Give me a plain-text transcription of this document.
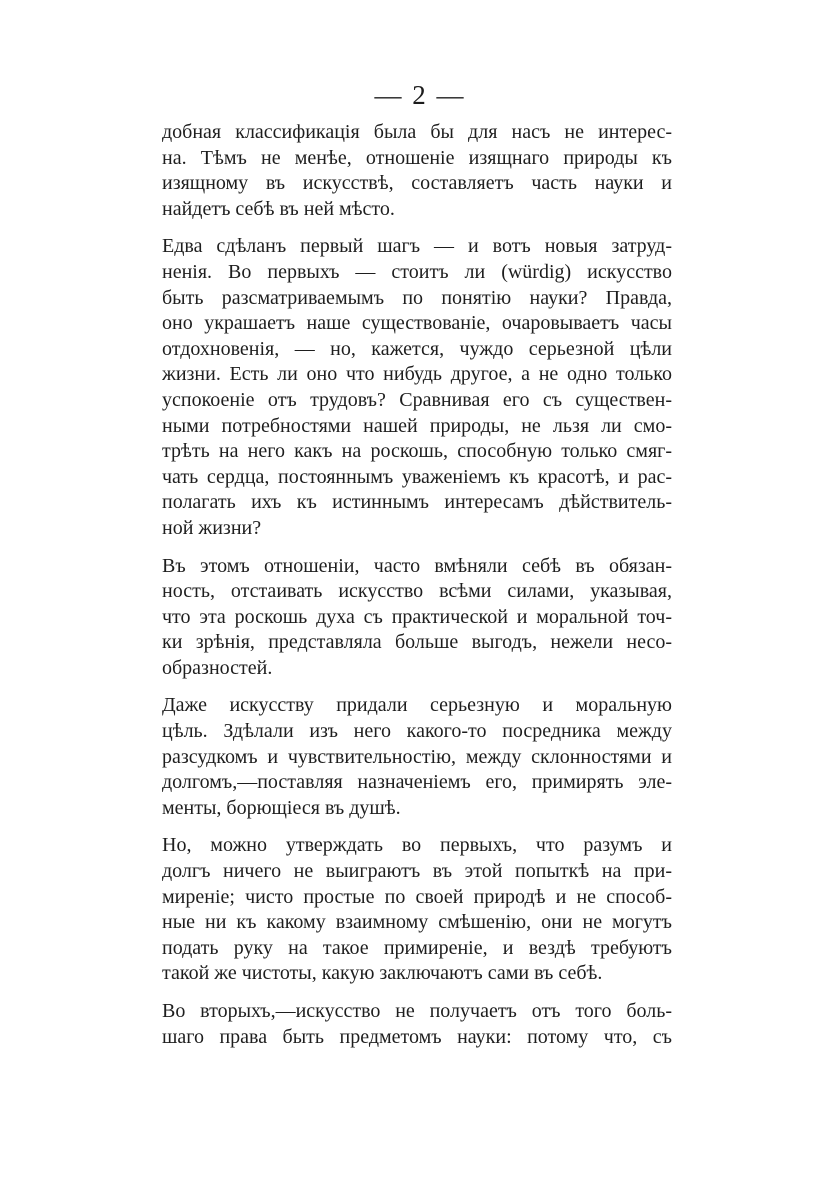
— 2 —
добная классификація была бы для насъ не интерес-
на. Тѣмъ не менѣе, отношеніе изящнаго природы къ
изящному въ искусствѣ, составляетъ часть науки и
найдетъ себѣ въ ней мѣсто.
Едва сдѣланъ первый шагъ — и вотъ новыя затруд-
ненія. Во первыхъ — стоитъ ли (würdig) искусство
быть разсматриваемымъ по понятію науки? Правда,
оно украшаетъ наше существованіе, очаровываетъ часы
отдохновенія, — но, кажется, чуждо серьезной цѣли
жизни. Есть ли оно что нибудь другое, а не одно только
успокоеніе отъ трудовъ? Сравнивая его съ существен-
ными потребностями нашей природы, не льзя ли смо-
трѣть на него какъ на роскошь, способную только смяг-
чать сердца, постояннымъ уваженіемъ къ красотѣ, и рас-
полагать ихъ къ истиннымъ интересамъ дѣйствитель-
ной жизни?
Въ этомъ отношеніи, часто вмѣняли себѣ въ обязан-
ность, отстаивать искусство всѣми силами, указывая,
что эта роскошь духа съ практической и моральной точ-
ки зрѣнія, представляла больше выгодъ, нежели несо-
образностей.
Даже искусству придали серьезную и моральную
цѣль. Здѣлали изъ него какого-то посредника между
разсудкомъ и чувствительностію, между склонностями и
долгомъ,—поставляя назначеніемъ его, примирять эле-
менты, борющіеся въ душѣ.
Но, можно утверждать во первыхъ, что разумъ и
долгъ ничего не выиграютъ въ этой попыткѣ на при-
миреніе; чисто простые по своей природѣ и не способ-
ные ни къ какому взаимному смѣшенію, они не могутъ
подать руку на такое примиреніе, и вездѣ требуютъ
такой же чистоты, какую заключаютъ сами въ себѣ.
Во вторыхъ,—искусство не получаетъ отъ того боль-
шаго права быть предметомъ науки: потому что, съ
